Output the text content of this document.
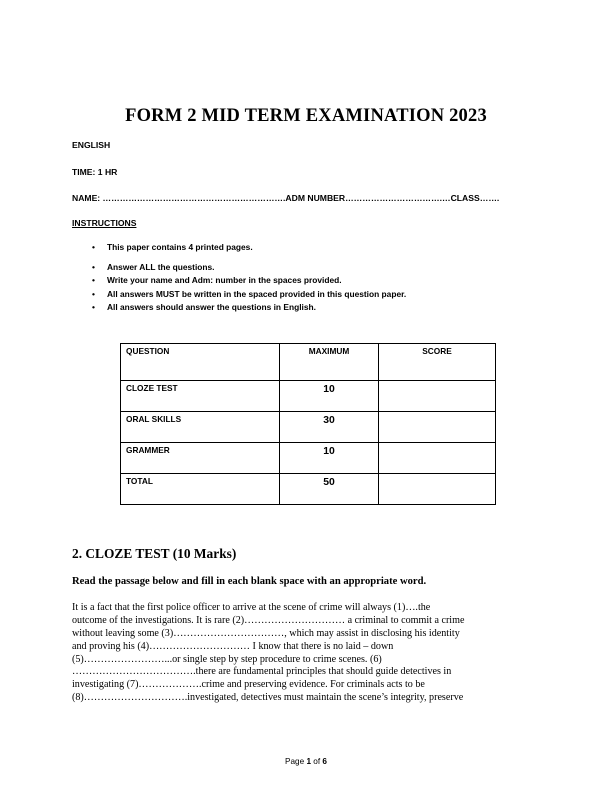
FORM 2 MID TERM EXAMINATION 2023
ENGLISH
TIME: 1 HR
NAME: ……………………………………………………….ADM NUMBER…………………………….…CLASS…….
INSTRUCTIONS
• This paper contains 4 printed pages.
• Answer ALL the questions.
• Write your name and Adm: number in the spaces provided.
• All answers MUST be written in the spaced provided in this question paper.
• All answers should answer the questions in English.
QUESTION	MAXIMUM	SCORE
CLOZE TEST	10	
ORAL SKILLS	30	
GRAMMER	10	
TOTAL	50	
2. CLOZE TEST (10 Marks)
Read the passage below and fill in each blank space with an appropriate word.
It is a fact that the first police officer to arrive at the scene of crime will always (1)….the
outcome of the investigations. It is rare (2)………………………… a criminal to commit a crime
without leaving some (3)……………………………, which may assist in disclosing his identity
and proving his (4)………………………… I know that there is no laid – down
(5)……………………...or single step by step procedure to crime scenes. (6)
……………………………….there are fundamental principles that should guide detectives in
investigating (7)……………….crime and preserving evidence. For criminals acts to be
(8)………………………….investigated, detectives must maintain the scene’s integrity, preserve
Page 1 of 6
